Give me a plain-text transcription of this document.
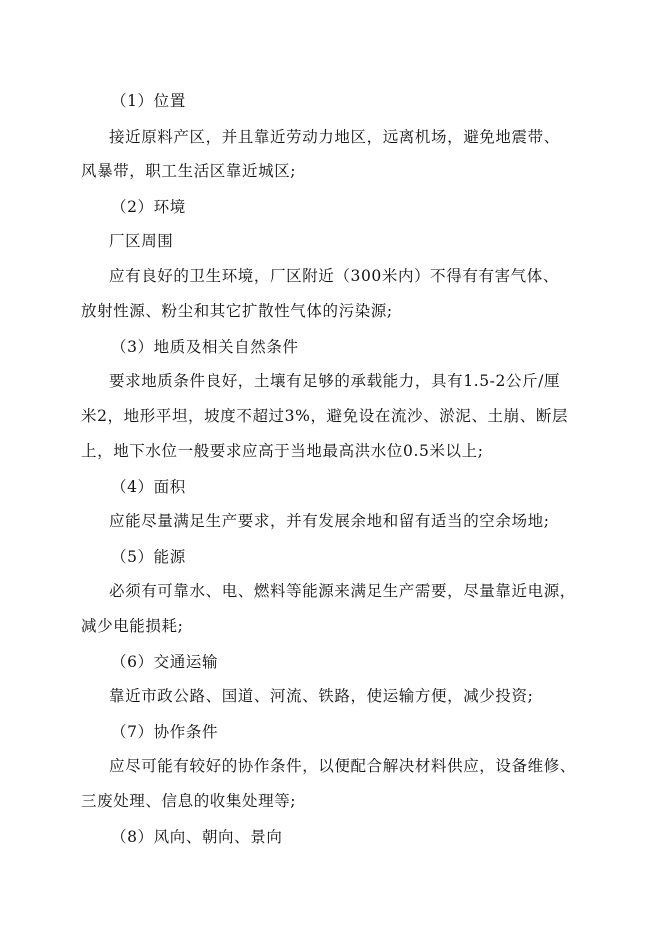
（1）位置
接近原料产区，并且靠近劳动力地区，远离机场，避免地震带、
风暴带，职工生活区靠近城区;
（2）环境
厂区周围
应有良好的卫生环境，厂区附近（300米内）不得有有害气体、
放射性源、粉尘和其它扩散性气体的污染源;
（3）地质及相关自然条件
要求地质条件良好，土壤有足够的承载能力，具有1.5-2公斤/厘
米2，地形平坦，坡度不超过3%，避免设在流沙、淤泥、土崩、断层
上，地下水位一般要求应高于当地最高洪水位0.5米以上;
（4）面积
应能尽量满足生产要求，并有发展余地和留有适当的空余场地;
（5）能源
必须有可靠水、电、燃料等能源来满足生产需要，尽量靠近电源，
减少电能损耗;
（6）交通运输
靠近市政公路、国道、河流、铁路，使运输方便，减少投资;
（7）协作条件
应尽可能有较好的协作条件，以便配合解决材料供应，设备维修、
三废处理、信息的收集处理等;
（8）风向、朝向、景向
